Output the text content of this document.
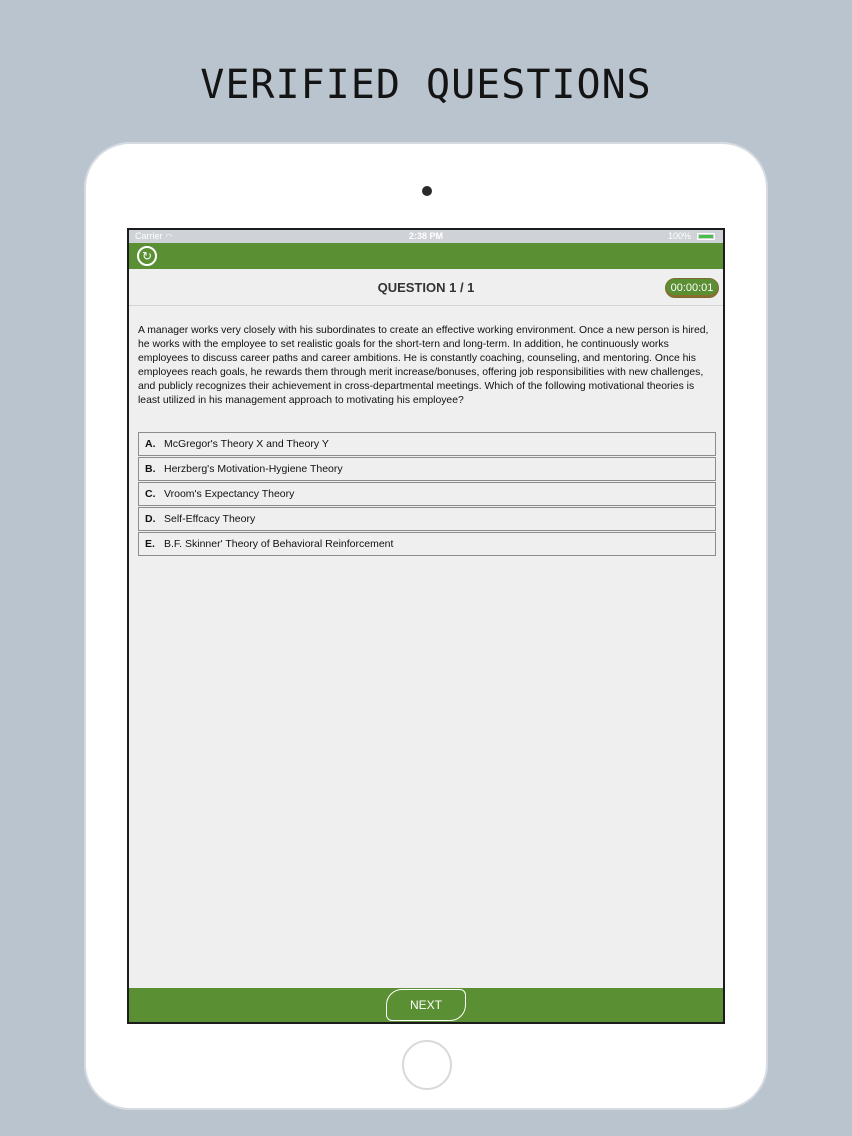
VERIFIED QUESTIONS
Carrier ◠	2:38 PM	100%
↻
QUESTION 1 / 1	00:00:01
A manager works very closely with his subordinates to create an effective working environment. Once a new person is hired, he works with the employee to set realistic goals for the short-tern and long-term. In addition, he continuously works employees to discuss career paths and career ambitions. He is constantly coaching, counseling, and mentoring. Once his employees reach goals, he rewards them through merit increase/bonuses, offering job responsibilities with new challenges, and publicly recognizes their achievement in cross-departmental meetings. Which of the following motivational theories is least utilized in his management approach to motivating his employee?
A. McGregor's Theory X and Theory Y
B. Herzberg's Motivation-Hygiene Theory
C. Vroom's Expectancy Theory
D. Self-Effcacy Theory
E. B.F. Skinner' Theory of Behavioral Reinforcement
NEXT
